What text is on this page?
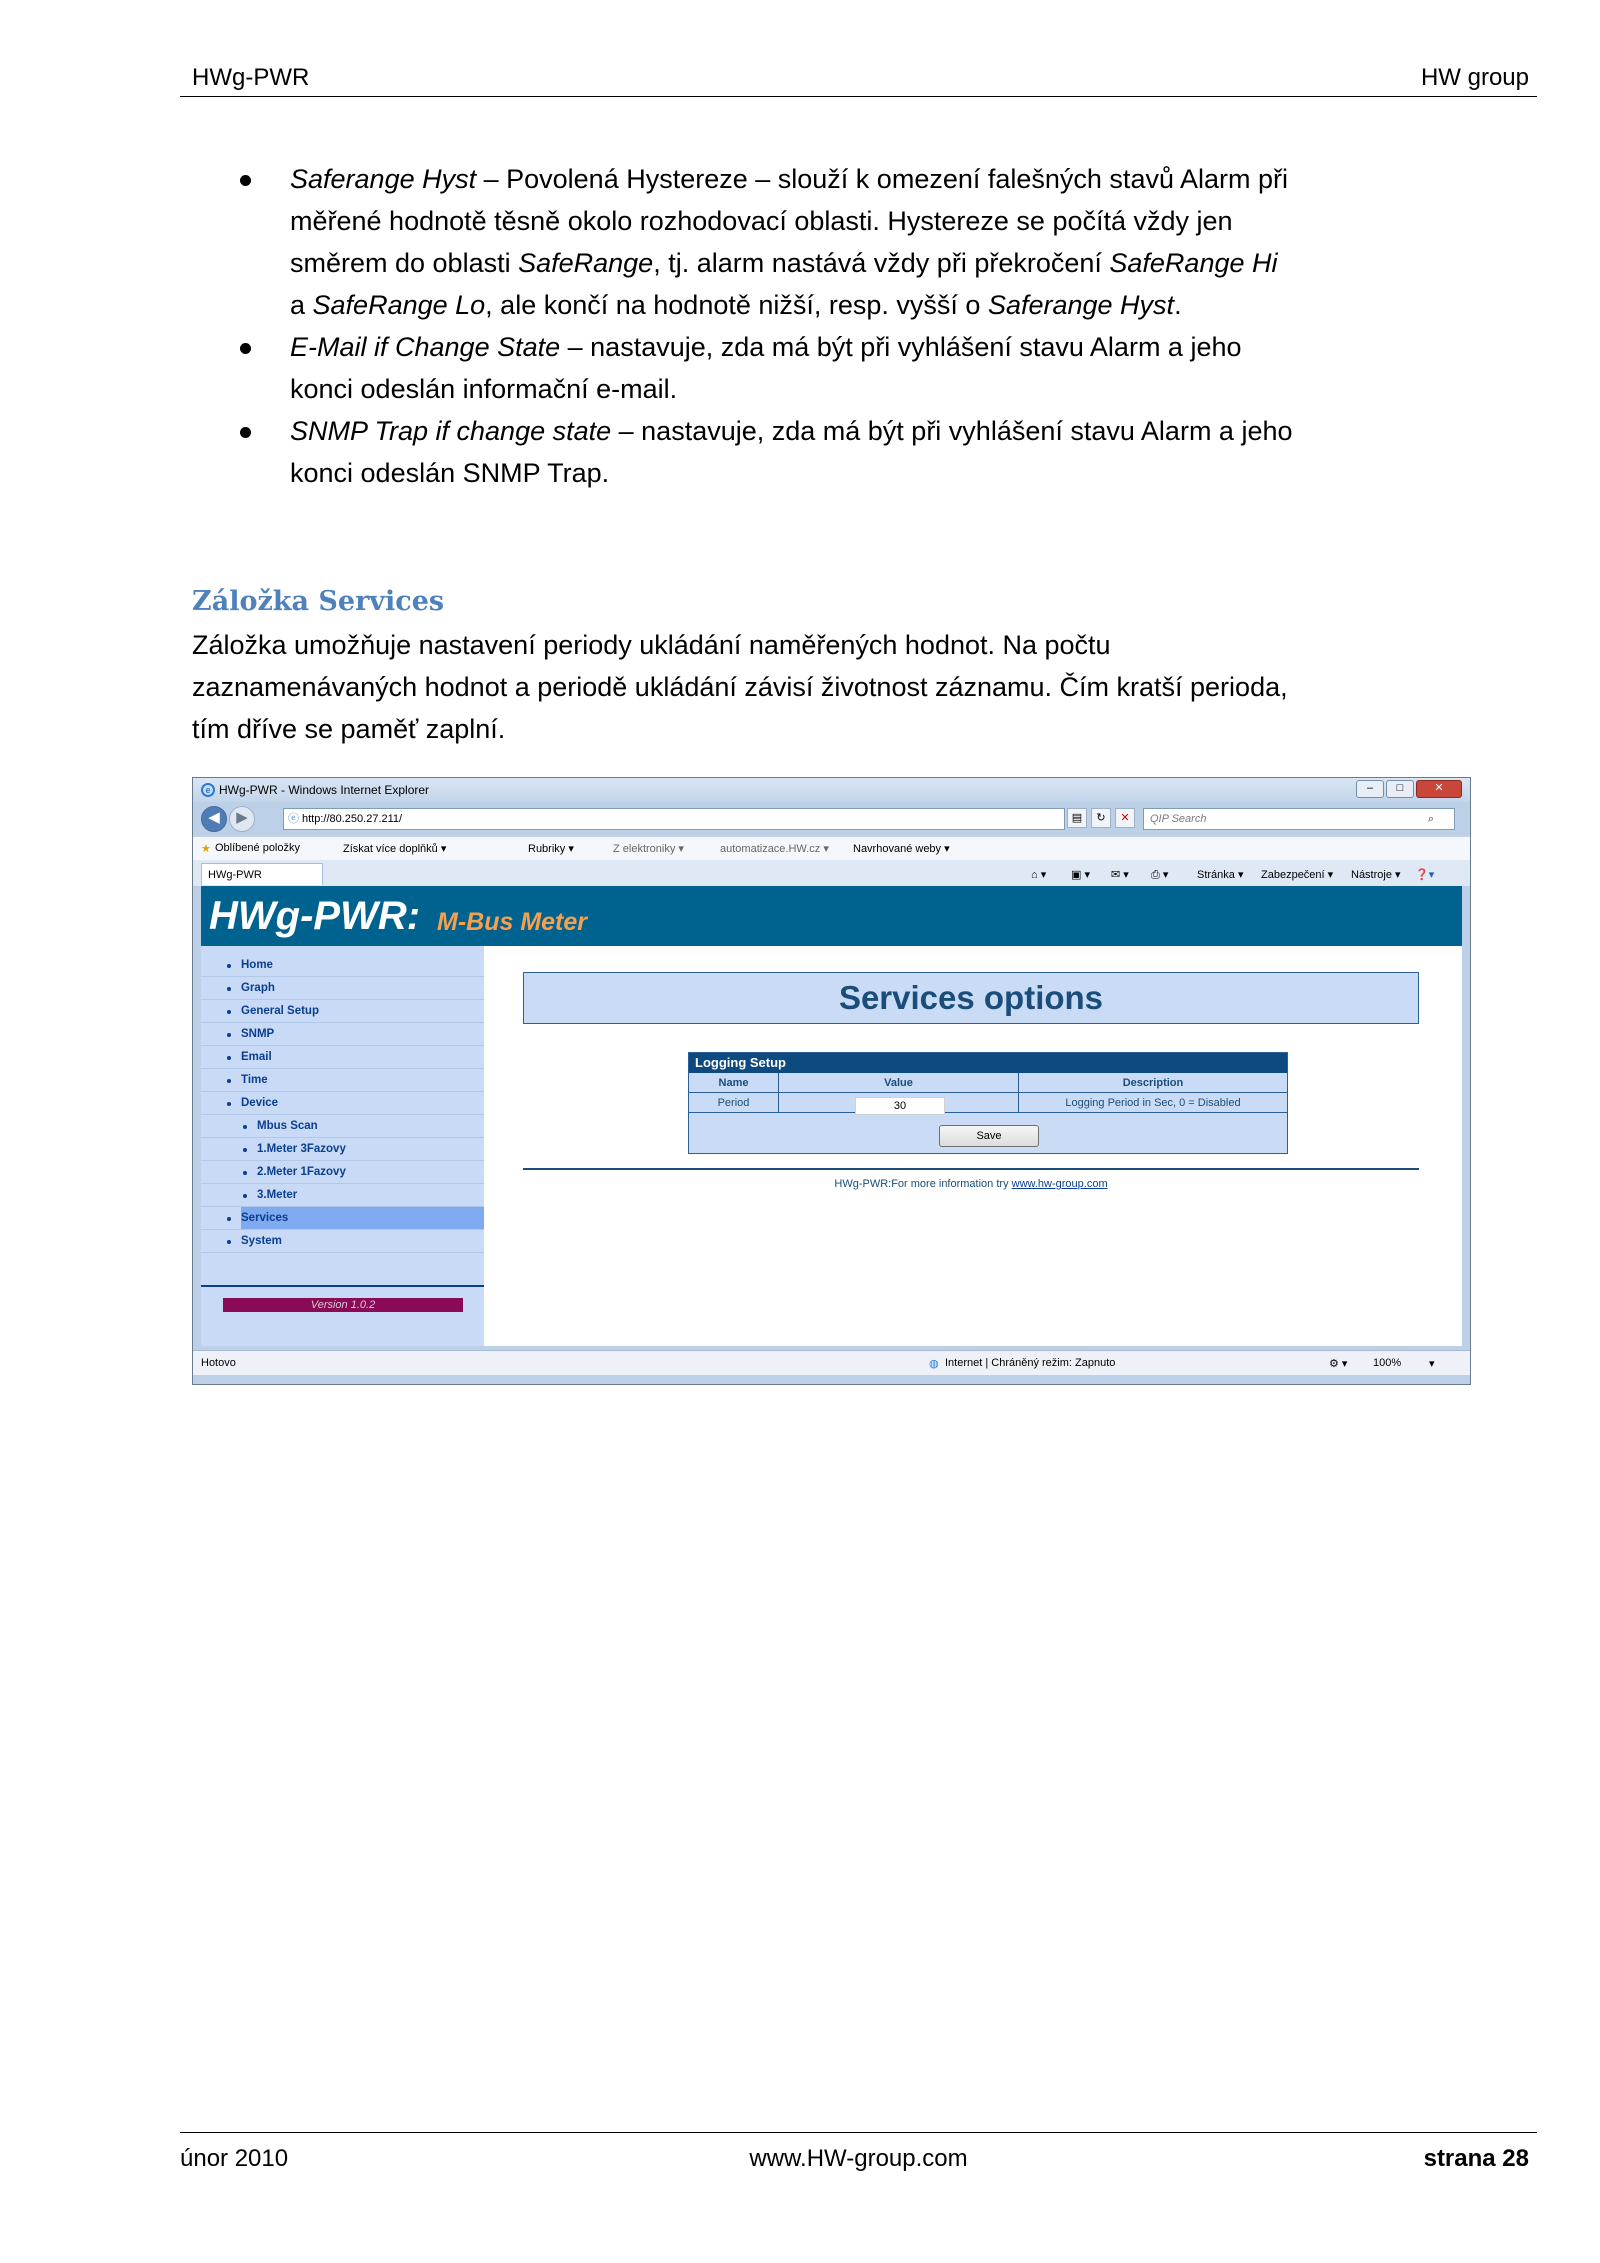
HWg-PWR	HW group
Saferange Hyst – Povolená Hystereze – slouží k omezení falešných stavů Alarm při měřené hodnotě těsně okolo rozhodovací oblasti. Hystereze se počítá vždy jen směrem do oblasti SafeRange, tj. alarm nastává vždy při překročení SafeRange Hi a SafeRange Lo, ale končí na hodnotě nižší, resp. vyšší o Saferange Hyst.
E-Mail if Change State – nastavuje, zda má být při vyhlášení stavu Alarm a jeho konci odeslán informační e-mail.
SNMP Trap if change state – nastavuje, zda má být při vyhlášení stavu Alarm a jeho konci odeslán SNMP Trap.
Záložka Services
Záložka umožňuje nastavení periody ukládání naměřených hodnot. Na počtu zaznamenávaných hodnot a periodě ukládání závisí životnost záznamu. Čím kratší perioda, tím dříve se paměť zaplní.
e HWg-PWR - Windows Internet Explorer	–	□	✕
◀	▶	ⓔ http://80.250.27.211/	▤	↻	✕	QIP Search	⌕
★ Oblíbené položky	Získat více doplňků ▾	Rubriky ▾	Z elektroniky ▾	automatizace.HW.cz ▾ Navrhované weby ▾
HWg-PWR	⌂ ▾ ▣ ▾ ✉ ▾ ⎙ ▾	Stránka ▾ Zabezpečení ▾ Nástroje ▾ ❓▾
HWg-PWR: M-Bus Meter
Home
Graph
General Setup
SNMP
Email
Time
Device
Mbus Scan
1.Meter 3Fazovy
2.Meter 1Fazovy
3.Meter
Services
System
Version 1.0.2
Services options
Logging Setup
Name	Value	Description
Period	30	Logging Period in Sec, 0 = Disabled
Save
HWg-PWR:For more information try www.hw-group.com
Hotovo	◍ Internet | Chráněný režim: Zapnuto	⚙ ▾ 100%	▾
únor 2010	www.HW-group.com	strana 28
